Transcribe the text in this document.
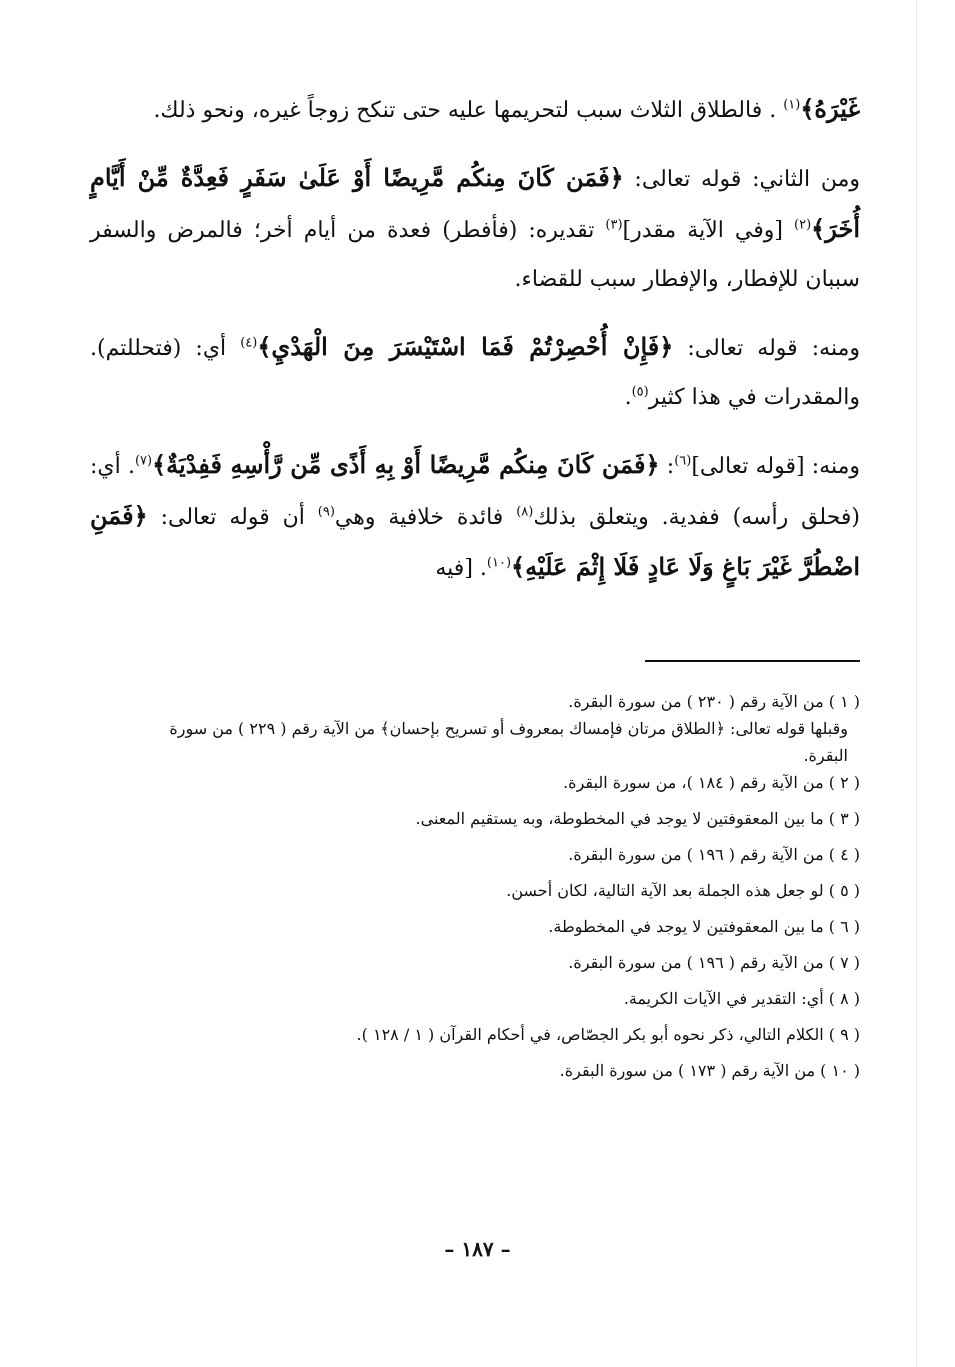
غَيْرَهُ﴾$^{(١)}$ . فالطلاق الثلاث سبب لتحريمها عليه حتى تنكح زوجاً غيره، ونحو ذلك.

ومن الثاني: قوله تعالى: ﴿فَمَن كَانَ مِنكُم مَّرِيضًا أَوْ عَلَىٰ سَفَرٍ فَعِدَّةٌ مِّنْ أَيَّامٍ أُخَرَ﴾$^{(٢)}$ [وفي الآية مقدر]$^{(٣)}$ تقديره: (فأفطر) فعدة من أيام أخر؛ فالمرض والسفر سببان للإفطار، والإفطار سبب للقضاء.

ومنه: قوله تعالى: ﴿فَإِنْ أُحْصِرْتُمْ فَمَا اسْتَيْسَرَ مِنَ الْهَدْيِ﴾$^{(٤)}$ أي: (فتحللتم). والمقدرات في هذا كثير$^{(٥)}$.

ومنه: [قوله تعالى]$^{(٦)}$: ﴿فَمَن كَانَ مِنكُم مَّرِيضًا أَوْ بِهِ أَذًى مِّن رَّأْسِهِ فَفِدْيَةٌ﴾$^{(٧)}$. أي: (فحلق رأسه) ففدية. ويتعلق بذلك$^{(٨)}$ فائدة خلافية وهي$^{(٩)}$ أن قوله تعالى: ﴿فَمَنِ اضْطُرَّ غَيْرَ بَاغٍ وَلَا عَادٍ فَلَا إِثْمَ عَلَيْهِ﴾$^{(١٠)}$. [فيه

( ١ ) من الآية رقم ( ٢٣٠ ) من سورة البقرة.
وقبلها قوله تعالى: ﴿الطلاق مرتان فإمساك بمعروف أو تسريح بإحسان﴾ من الآية رقم ( ٢٢٩ ) من سورة البقرة.
( ٢ ) من الآية رقم ( ١٨٤ )، من سورة البقرة.
( ٣ ) ما بين المعقوفتين لا يوجد في المخطوطة، وبه يستقيم المعنى.
( ٤ ) من الآية رقم ( ١٩٦ ) من سورة البقرة.
( ٥ ) لو جعل هذه الجملة بعد الآية التالية، لكان أحسن.
( ٦ ) ما بين المعقوفتين لا يوجد في المخطوطة.
( ٧ ) من الآية رقم ( ١٩٦ ) من سورة البقرة.
( ٨ ) أي: التقدير في الآيات الكريمة.
( ٩ ) الكلام التالي، ذكر نحوه أبو بكر الجصّاص، في أحكام القرآن ( ١ / ١٢٨ ).
( ١٠ ) من الآية رقم ( ١٧٣ ) من سورة البقرة.
– ١٨٧ –
